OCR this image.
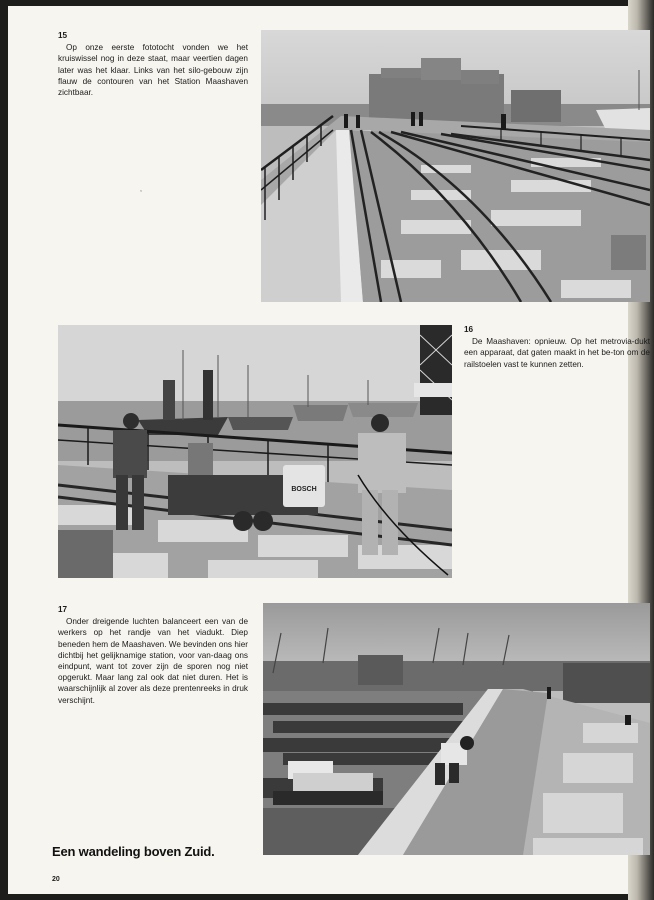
15
Op onze eerste fototocht vonden we het kruiswissel nog in deze staat, maar veertien dagen later was het klaar. Links van het silo-gebouw zijn flauw de contouren van het Station Maashaven zichtbaar.
16
De Maashaven: opnieuw. Op het metrovia-dukt een apparaat, dat gaten maakt in het be-ton om de railstoelen vast te kunnen zetten.
BOSCH
17
Onder dreigende luchten balanceert een van de werkers op het randje van het viadukt. Diep beneden hem de Maashaven. We bevinden ons hier dichtbij het gelijknamige station, voor van-daag ons eindpunt, want tot zover zijn de sporen nog niet opgerukt. Maar lang zal ook dat niet duren. Het is waarschijnlijk al zover als deze prentenreeks in druk verschijnt.
Een wandeling boven Zuid.
20
